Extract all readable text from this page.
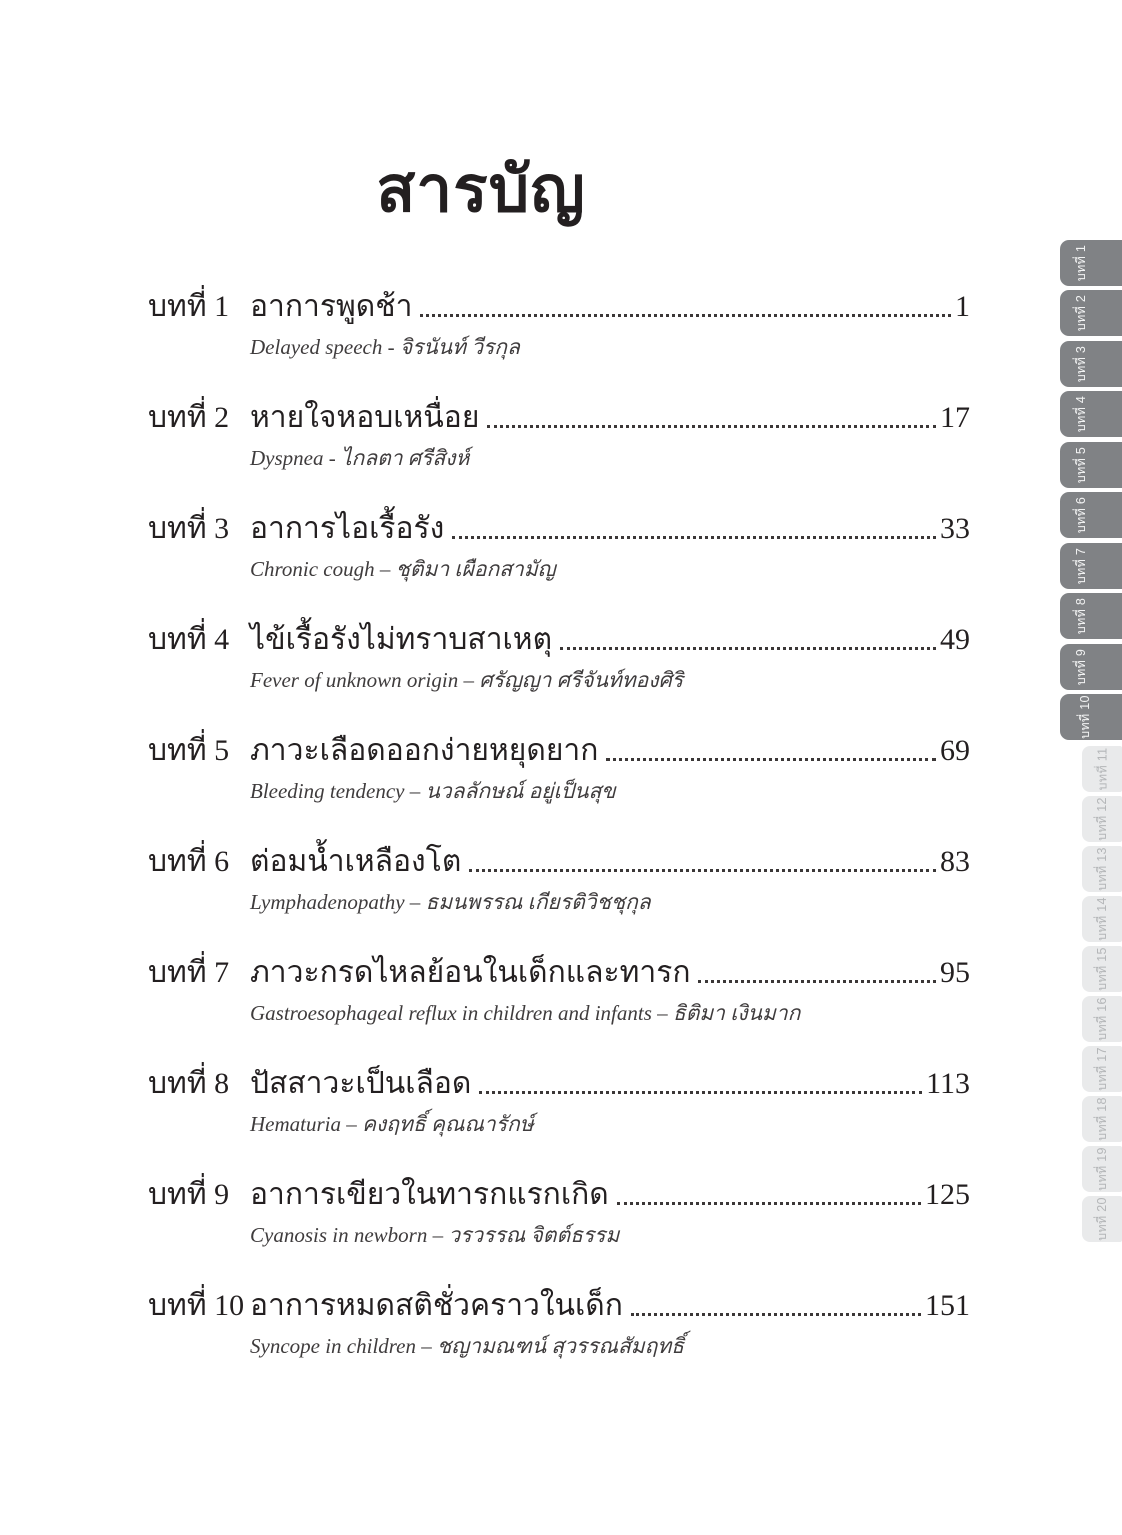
สารบัญ
บทที่ 1 อาการพูดช้า	1
Delayed speech - จิรนันท์ วีรกุล
บทที่ 2 หายใจหอบเหนื่อย	17
Dyspnea - ไกลตา ศรีสิงห์
บทที่ 3 อาการไอเรื้อรัง	33
Chronic cough – ชุติมา เผือกสามัญ
บทที่ 4 ไข้เรื้อรังไม่ทราบสาเหตุ	49
Fever of unknown origin – ศรัญญา ศรีจันท์ทองศิริ
บทที่ 5 ภาวะเลือดออกง่ายหยุดยาก	69
Bleeding tendency – นวลลักษณ์ อยู่เป็นสุข
บทที่ 6 ต่อมน้ำเหลืองโต	83
Lymphadenopathy – ธมนพรรณ เกียรติวิชชุกุล
บทที่ 7 ภาวะกรดไหลย้อนในเด็กและทารก	95
Gastroesophageal reflux in children and infants – ธิติมา เงินมาก
บทที่ 8 ปัสสาวะเป็นเลือด	113
Hematuria – คงฤทธิ์ คุณณารักษ์
บทที่ 9 อาการเขียวในทารกแรกเกิด	125
Cyanosis in newborn – วรวรรณ จิตต์ธรรม
บทที่ 10 อาการหมดสติชั่วคราวในเด็ก	151
Syncope in children – ชญามณฑน์ สุวรรณสัมฤทธิ์
บทที่ 1
บทที่ 2
บทที่ 3
บทที่ 4
บทที่ 5
บทที่ 6
บทที่ 7
บทที่ 8
บทที่ 9
บทที่ 10
บทที่ 11
บทที่ 12
บทที่ 13
บทที่ 14
บทที่ 15
บทที่ 16
บทที่ 17
บทที่ 18
บทที่ 19
บทที่ 20
